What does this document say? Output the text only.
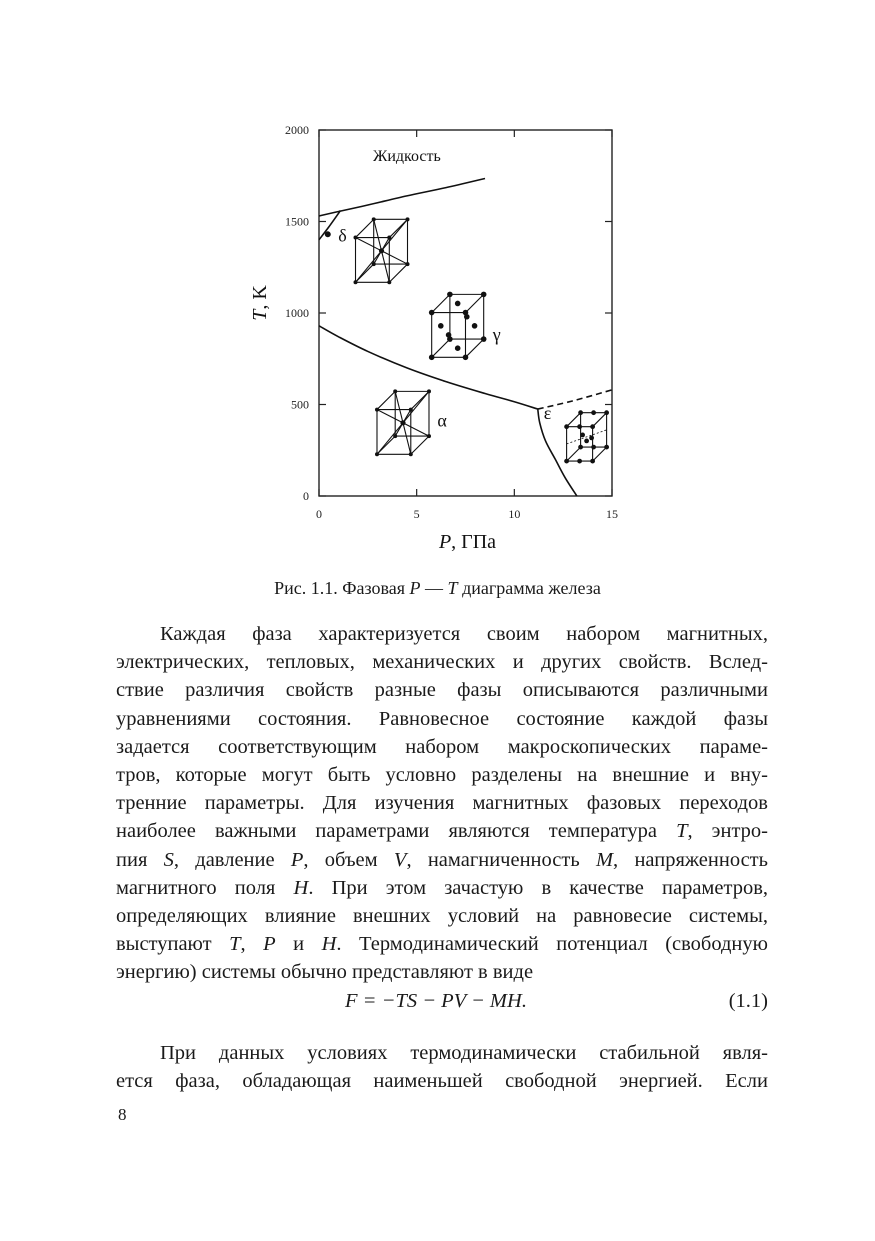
0	5	10	15
0
500
1000
1500
2000
P, ГПа
T, K
Жидкость
δ
γ
α	ε
Рис. 1.1. Фазовая P — T диаграмма железа
Каждая фаза характеризуется своим набором магнитных,
электрических, тепловых, механических и других свойств. Вслед-
ствие различия свойств разные фазы описываются различными
уравнениями состояния. Равновесное состояние каждой фазы
задается соответствующим набором макроскопических параме-
тров, которые могут быть условно разделены на внешние и вну-
тренние параметры. Для изучения магнитных фазовых переходов
наиболее важными параметрами являются температура T, энтро-
пия S, давление P, объем V, намагниченность M, напряженность
магнитного поля H. При этом зачастую в качестве параметров,
определяющих влияние внешних условий на равновесие системы,
выступают T, P и H. Термодинамический потенциал (свободную
энергию) системы обычно представляют в виде
F = −TS − PV − MH.	(1.1)
При данных условиях термодинамически стабильной явля-
ется фаза, обладающая наименьшей свободной энергией. Если
8
